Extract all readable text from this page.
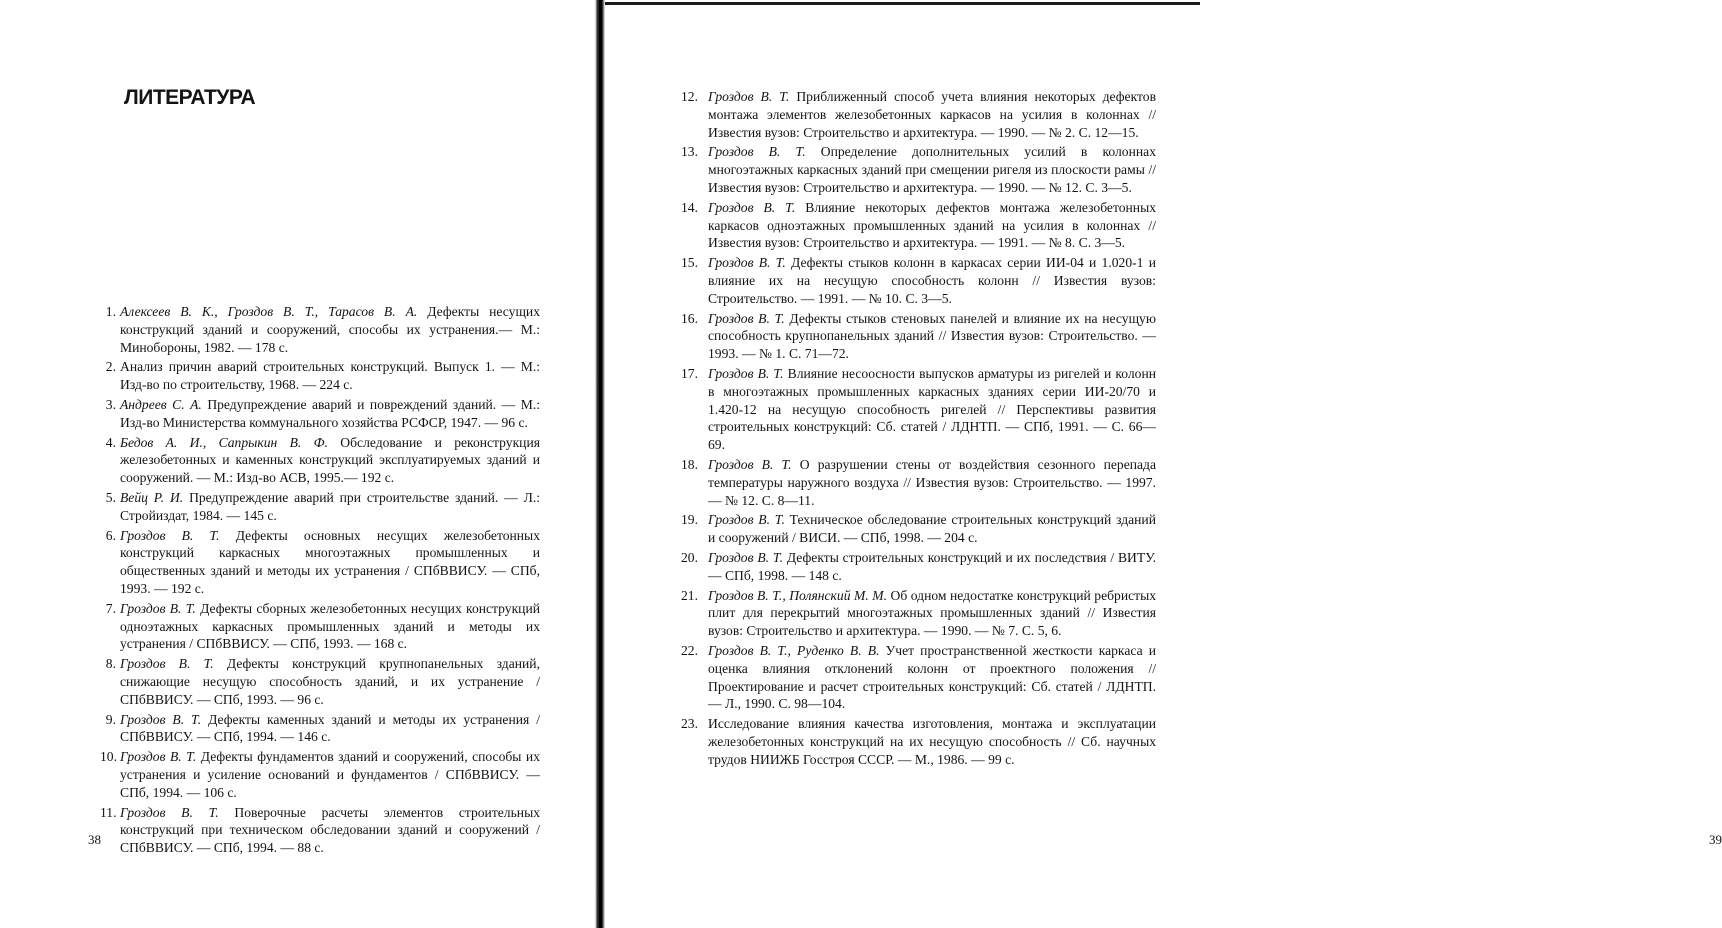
ЛИТЕРАТУРА
1. Алексеев В. К., Гроздов В. Т., Тарасов В. А. Дефекты несущих конструкций зданий и сооружений, способы их устранения.— М.: Минобороны, 1982. — 178 с.
2. Анализ причин аварий строительных конструкций. Выпуск 1. — М.: Изд-во по строительству, 1968. — 224 с.
3. Андреев С. А. Предупреждение аварий и повреждений зданий. — М.: Изд-во Министерства коммунального хозяйства РСФСР, 1947. — 96 с.
4. Бедов А. И., Сапрыкин В. Ф. Обследование и реконструкция железобетонных и каменных конструкций эксплуатируемых зданий и сооружений. — М.: Изд-во АСВ, 1995.— 192 с.
5. Вейц Р. И. Предупреждение аварий при строительстве зданий. — Л.: Стройиздат, 1984. — 145 с.
6. Гроздов В. Т. Дефекты основных несущих железобетонных конструкций каркасных многоэтажных промышленных и общественных зданий и методы их устранения / СПбВВИСУ. — СПб, 1993. — 192 с.
7. Гроздов В. Т. Дефекты сборных железобетонных несущих конструкций одноэтажных каркасных промышленных зданий и методы их устранения / СПбВВИСУ. — СПб, 1993. — 168 с.
8. Гроздов В. Т. Дефекты конструкций крупнопанельных зданий, снижающие несущую способность зданий, и их устранение / СПбВВИСУ. — СПб, 1993. — 96 с.
9. Гроздов В. Т. Дефекты каменных зданий и методы их устранения / СПбВВИСУ. — СПб, 1994. — 146 с.
10. Гроздов В. Т. Дефекты фундаментов зданий и сооружений, способы их устранения и усиление оснований и фундаментов / СПбВВИСУ. — СПб, 1994. — 106 с.
11. Гроздов В. Т. Поверочные расчеты элементов строительных конструкций при техническом обследовании зданий и сооружений / СПбВВИСУ. — СПб, 1994. — 88 с.
38
12. Гроздов В. Т. Приближенный способ учета влияния некоторых дефектов монтажа элементов железобетонных каркасов на усилия в колоннах // Известия вузов: Строительство и архитектура. — 1990. — № 2. С. 12—15.
13. Гроздов В. Т. Определение дополнительных усилий в колоннах многоэтажных каркасных зданий при смещении ригеля из плоскости рамы // Известия вузов: Строительство и архитектура. — 1990. — № 12. С. 3—5.
14. Гроздов В. Т. Влияние некоторых дефектов монтажа железобетонных каркасов одноэтажных промышленных зданий на усилия в колоннах // Известия вузов: Строительство и архитектура. — 1991. — № 8. С. 3—5.
15. Гроздов В. Т. Дефекты стыков колонн в каркасах серии ИИ-04 и 1.020-1 и влияние их на несущую способность колонн // Известия вузов: Строительство. — 1991. — № 10. С. 3—5.
16. Гроздов В. Т. Дефекты стыков стеновых панелей и влияние их на несущую способность крупнопанельных зданий // Известия вузов: Строительство. — 1993. — № 1. С. 71—72.
17. Гроздов В. Т. Влияние несоосности выпусков арматуры из ригелей и колонн в многоэтажных промышленных каркасных зданиях серии ИИ-20/70 и 1.420-12 на несущую способность ригелей // Перспективы развития строительных конструкций: Сб. статей / ЛДНТП. — СПб, 1991. — С. 66—69.
18. Гроздов В. Т. О разрушении стены от воздействия сезонного перепада температуры наружного воздуха // Известия вузов: Строительство. — 1997. — № 12. С. 8—11.
19. Гроздов В. Т. Техническое обследование строительных конструкций зданий и сооружений / ВИСИ. — СПб, 1998. — 204 с.
20. Гроздов В. Т. Дефекты строительных конструкций и их последствия / ВИТУ. — СПб, 1998. — 148 с.
21. Гроздов В. Т., Полянский М. М. Об одном недостатке конструкций ребристых плит для перекрытий многоэтажных промышленных зданий // Известия вузов: Строительство и архитектура. — 1990. — № 7. С. 5, 6.
22. Гроздов В. Т., Руденко В. В. Учет пространственной жесткости каркаса и оценка влияния отклонений колонн от проектного положения // Проектирование и расчет строительных конструкций: Сб. статей / ЛДНТП. — Л., 1990. С. 98—104.
23. Исследование влияния качества изготовления, монтажа и эксплуатации железобетонных конструкций на их несущую способность // Сб. научных трудов НИИЖБ Госстроя СССР. — М., 1986. — 99 с.
39
